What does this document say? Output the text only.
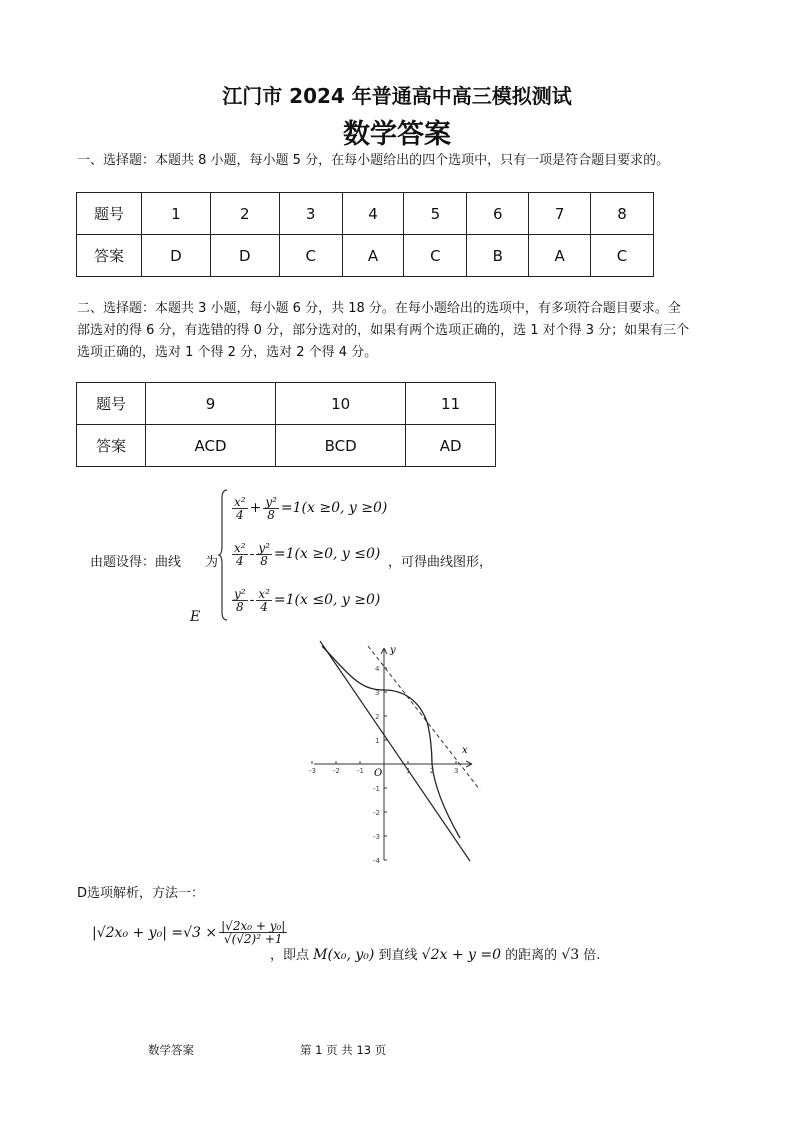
江门市 2024 年普通高中高三模拟测试
数学答案
一、选择题：本题共 8 小题，每小题 5 分，在每小题给出的四个选项中，只有一项是符合题目要求的。
题号	1	2	3	4	5	6	7	8
答案	D	D	C	A	C	B	A	C
二、选择题：本题共 3 小题，每小题 6 分，共 18 分。在每小题给出的选项中，有多项符合题目要求。全
部选对的得 6 分，有选错的得 0 分，部分选对的，如果有两个选项正确的，选 1 对个得 3 分；如果有三个
选项正确的，选对 1 个得 2 分，选对 2 个得 4 分。
题号	9	10	11
答案	ACD	BCD	AD
由题设得：曲线 为
E
$\frac{\text{x²}}{4} + \frac{\text{y²}}{8} =1(x \ge 0$, y ≥0)
$\frac{\text{x²}}{4} - \frac{\text{y²}}{8} =1(x \ge 0$, y ≤0)
$\frac{\text{y²}}{8} - \frac{\text{x²}}{4} =1(x \le 0$, y ≥0)
，可得曲线图形，
y
x
O
-3 -2 -1	1	2	3
4
3
2
1
-1
-2
-3
-4
D选项解析，方法一：
$|√2x_0 + y_0| =√3 \times \frac{\text{|√2x₀ + y₀|}}{\text{√(√2)² +1}}$
，即点 M(x₀, y₀) 到直线 √2x + y =0 的距离的 √3 倍.
数学答案	第 1 页 共 13 页
